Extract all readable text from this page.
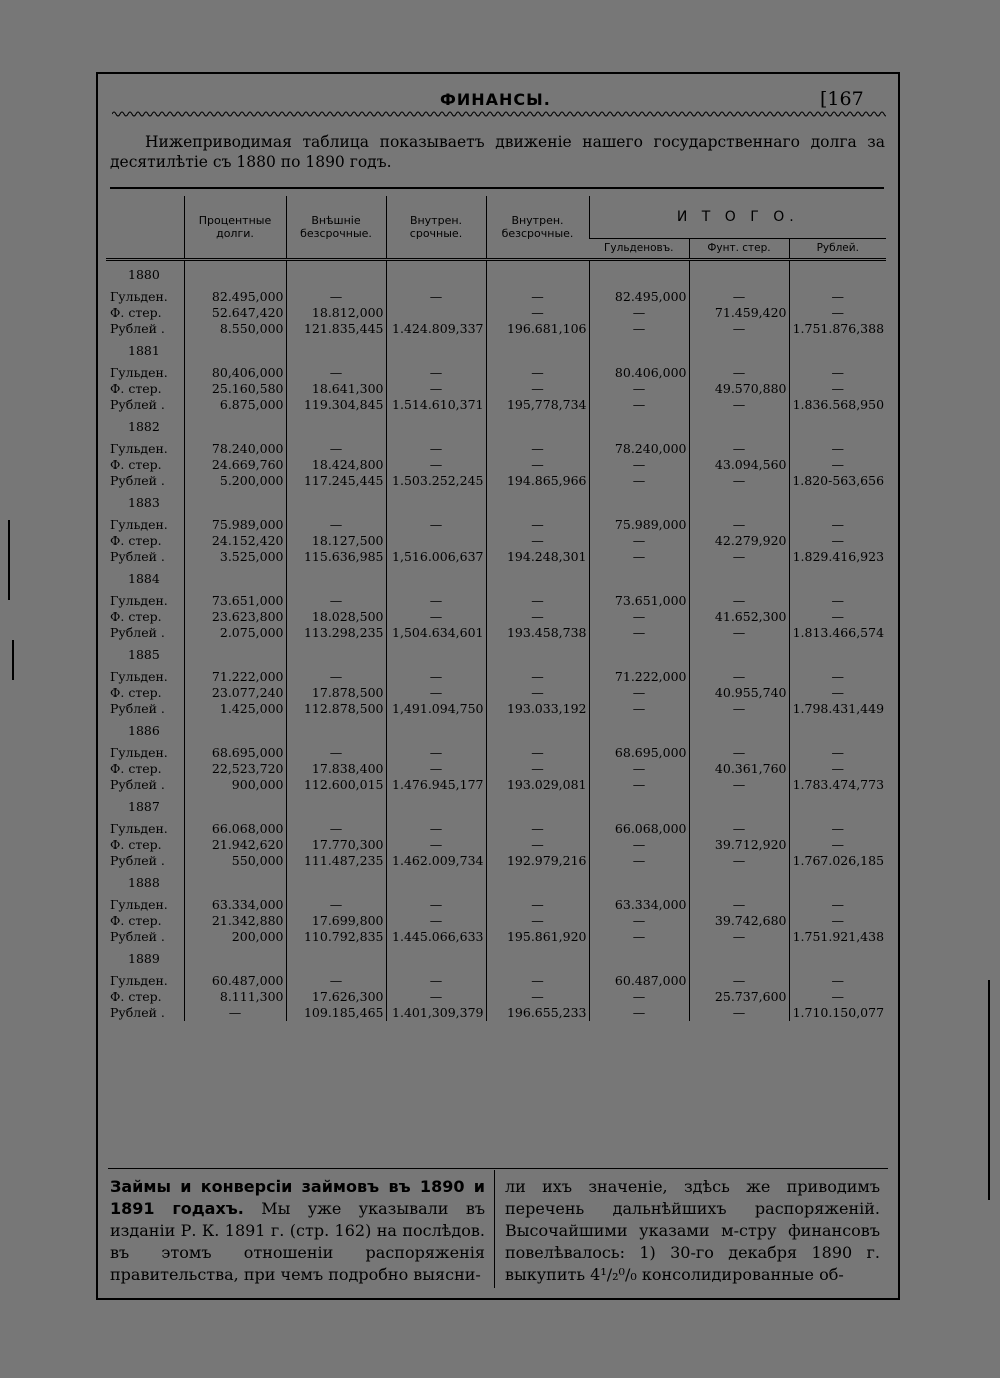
ФИНАНСЫ.	[167
Нижеприводимая таблица показываетъ движеніе нашего государственнаго долга за десятилѣтіе съ 1880 по 1890 годъ.
	Процентные долги.	Внѣшніе безсрочные.	Внутрен. срочные.	Внутрен. безсрочные.	И Т О Г О.		
					Гульденовъ.	Фунт. стер.	Рублей.
1880							
Гульден.	82.495,000	—	—	—	82.495,000	—	—
Ф. стер.	52.647,420	18.812,000		—	—	71.459,420	—
Рублей .	8.550,000	121.835,445	1.424.809,337	196.681,106	—	—	1.751.876,388
1881							
Гульден.	80,406,000	—	—	—	80.406,000	—	—
Ф. стер.	25.160,580	18.641,300	—	—	—	49.570,880	—
Рублей .	6.875,000	119.304,845	1.514.610,371	195,778,734	—	—	1.836.568,950
1882							
Гульден.	78.240,000	—	—	—	78.240,000	—	—
Ф. стер.	24.669,760	18.424,800	—	—	—	43.094,560	—
Рублей .	5.200,000	117.245,445	1.503.252,245	194.865,966	—	—	1.820-563,656
1883							
Гульден.	75.989,000	—	—	—	75.989,000	—	—
Ф. стер.	24.152,420	18.127,500		—	—	42.279,920	—
Рублей .	3.525,000	115.636,985	1,516.006,637	194.248,301	—	—	1.829.416,923
1884							
Гульден.	73.651,000	—	—	—	73.651,000	—	—
Ф. стер.	23.623,800	18.028,500	—	—	—	41.652,300	—
Рублей .	2.075,000	113.298,235	1,504.634,601	193.458,738	—	—	1.813.466,574
1885							
Гульден.	71.222,000	—	—	—	71.222,000	—	—
Ф. стер.	23.077,240	17.878,500	—	—	—	40.955,740	—
Рублей .	1.425,000	112.878,500	1,491.094,750	193.033,192	—	—	1.798.431,449
1886							
Гульден.	68.695,000	—	—	—	68.695,000	—	—
Ф. стер.	22,523,720	17.838,400	—	—	—	40.361,760	—
Рублей .	900,000	112.600,015	1.476.945,177	193.029,081	—	—	1.783.474,773
1887							
Гульден.	66.068,000	—	—	—	66.068,000	—	—
Ф. стер.	21.942,620	17.770,300	—	—	—	39.712,920	—
Рублей .	550,000	111.487,235	1.462.009,734	192.979,216	—	—	1.767.026,185
1888							
Гульден.	63.334,000	—	—	—	63.334,000	—	—
Ф. стер.	21.342,880	17.699,800	—	—	—	39.742,680	—
Рублей .	200,000	110.792,835	1.445.066,633	195.861,920	—	—	1.751.921,438
1889							
Гульден.	60.487,000	—	—	—	60.487,000	—	—
Ф. стер.	8.111,300	17.626,300	—	—	—	25.737,600	—
Рублей .	—	109.185,465	1.401,309,379	196.655,233	—	—	1.710.150,077
Займы и конверсіи займовъ въ 1890 и 1891 годахъ. Мы уже указывали въ изданіи Р. К. 1891 г. (стр. 162) на послѣдов. въ этомъ отношеніи распоряженія правительства, при чемъ подробно выясни-
ли ихъ значеніе, здѣсь же приводимъ перечень дальнѣйшихъ распоряженій. Высочайшими указами м-стру финансовъ повелѣвалось: 1) 30-го декабря 1890 г. выкупить 4¹/₂⁰/₀ консолидированные об-
